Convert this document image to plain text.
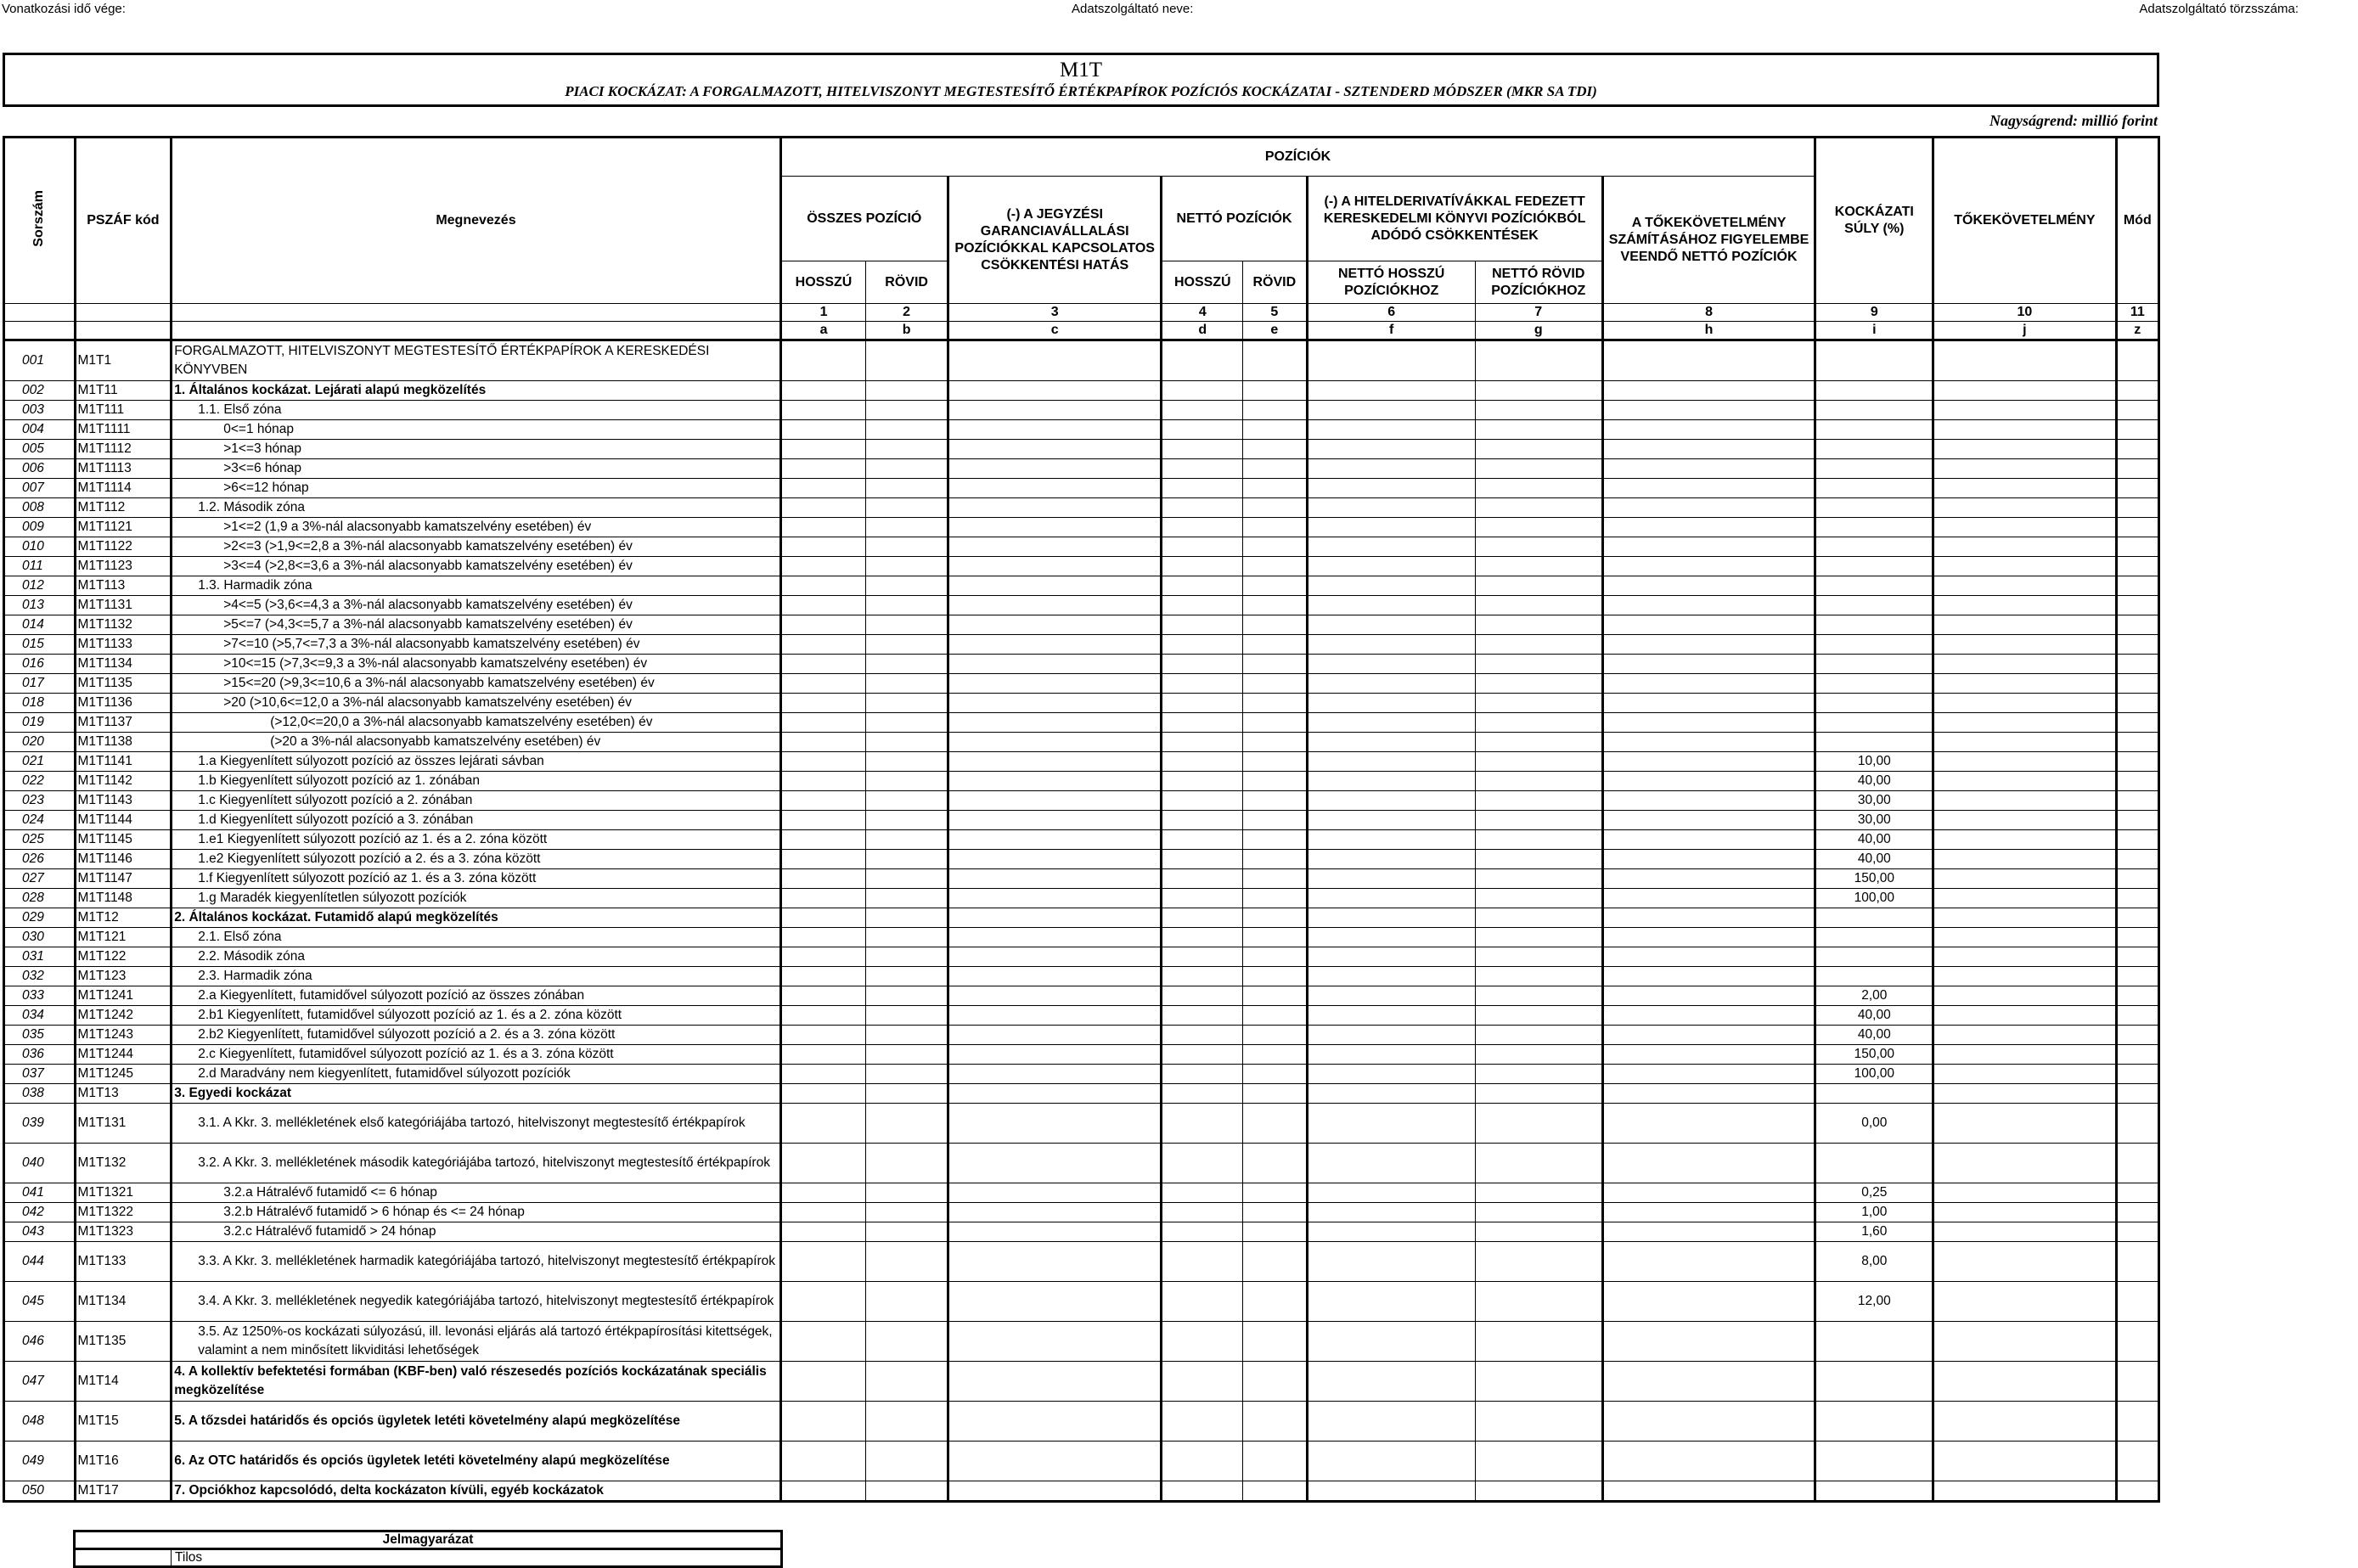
Vonatkozási idő vége:	Adatszolgáltató neve:	Adatszolgáltató törzsszáma:
M1T
PIACI KOCKÁZAT: A FORGALMAZOTT, HITELVISZONYT MEGTESTESÍTŐ ÉRTÉKPAPÍROK POZÍCIÓS KOCKÁZATAI - SZTENDERD MÓDSZER (MKR SA TDI)
Nagyságrend: millió forint
Sorszám	PSZÁF kód	Megnevezés	POZÍCIÓK								KOCKÁZATI SÚLY (%)	TŐKEKÖVETELMÉNY	Mód
			ÖSSZES POZÍCIÓ		(-) A JEGYZÉSI GARANCIAVÁLLALÁSI POZÍCIÓKKAL KAPCSOLATOS CSÖKKENTÉSI HATÁS	NETTÓ POZÍCIÓK		(-) A HITELDERIVATÍVÁKKAL FEDEZETT KERESKEDELMI KÖNYVI POZÍCIÓKBÓL ADÓDÓ CSÖKKENTÉSEK		A TŐKEKÖVETELMÉNY SZÁMÍTÁSÁHOZ FIGYELEMBE VEENDŐ NETTÓ POZÍCIÓK			
			HOSSZÚ	RÖVID		HOSSZÚ	RÖVID	NETTÓ HOSSZÚ POZÍCIÓKHOZ	NETTÓ RÖVID POZÍCIÓKHOZ				
			1	2	3	4	5	6	7	8	9	10	11
			a	b	c	d	e	f	g	h	i	j	z
001	M1T1	FORGALMAZOTT, HITELVISZONYT MEGTESTESÍTŐ ÉRTÉKPAPÍROK A KERESKEDÉSI KÖNYVBEN											
002	M1T11	1. Általános kockázat. Lejárati alapú megközelítés											
003	M1T111	1.1. Első zóna											
004	M1T1111	0<=1 hónap											
005	M1T1112	>1<=3 hónap											
006	M1T1113	>3<=6 hónap											
007	M1T1114	>6<=12 hónap											
008	M1T112	1.2. Második zóna											
009	M1T1121	>1<=2 (1,9 a 3%-nál alacsonyabb kamatszelvény esetében) év											
010	M1T1122	>2<=3 (>1,9<=2,8 a 3%-nál alacsonyabb kamatszelvény esetében) év											
011	M1T1123	>3<=4 (>2,8<=3,6 a 3%-nál alacsonyabb kamatszelvény esetében) év											
012	M1T113	1.3. Harmadik zóna											
013	M1T1131	>4<=5 (>3,6<=4,3 a 3%-nál alacsonyabb kamatszelvény esetében) év											
014	M1T1132	>5<=7 (>4,3<=5,7 a 3%-nál alacsonyabb kamatszelvény esetében) év											
015	M1T1133	>7<=10 (>5,7<=7,3 a 3%-nál alacsonyabb kamatszelvény esetében) év											
016	M1T1134	>10<=15 (>7,3<=9,3 a 3%-nál alacsonyabb kamatszelvény esetében) év											
017	M1T1135	>15<=20 (>9,3<=10,6 a 3%-nál alacsonyabb kamatszelvény esetében) év											
018	M1T1136	>20 (>10,6<=12,0 a 3%-nál alacsonyabb kamatszelvény esetében) év											
019	M1T1137	(>12,0<=20,0 a 3%-nál alacsonyabb kamatszelvény esetében) év											
020	M1T1138	(>20 a 3%-nál alacsonyabb kamatszelvény esetében) év											
021	M1T1141	1.a Kiegyenlített súlyozott pozíció az összes lejárati sávban									10,00		
022	M1T1142	1.b Kiegyenlített súlyozott pozíció az 1. zónában									40,00		
023	M1T1143	1.c Kiegyenlített súlyozott pozíció a 2. zónában									30,00		
024	M1T1144	1.d Kiegyenlített súlyozott pozíció a 3. zónában									30,00		
025	M1T1145	1.e1 Kiegyenlített súlyozott pozíció az 1. és a 2. zóna között									40,00		
026	M1T1146	1.e2 Kiegyenlített súlyozott pozíció a 2. és a 3. zóna között									40,00		
027	M1T1147	1.f Kiegyenlített súlyozott pozíció az 1. és a 3. zóna között									150,00		
028	M1T1148	1.g Maradék kiegyenlítetlen súlyozott pozíciók									100,00		
029	M1T12	2. Általános kockázat. Futamidő alapú megközelítés											
030	M1T121	2.1. Első zóna											
031	M1T122	2.2. Második zóna											
032	M1T123	2.3. Harmadik zóna											
033	M1T1241	2.a Kiegyenlített, futamidővel súlyozott pozíció az összes zónában									2,00		
034	M1T1242	2.b1 Kiegyenlített, futamidővel súlyozott pozíció az 1. és a 2. zóna között									40,00		
035	M1T1243	2.b2 Kiegyenlített, futamidővel súlyozott pozíció a 2. és a 3. zóna között									40,00		
036	M1T1244	2.c Kiegyenlített, futamidővel súlyozott pozíció az 1. és a 3. zóna között									150,00		
037	M1T1245	2.d Maradvány nem kiegyenlített, futamidővel súlyozott pozíciók									100,00		
038	M1T13	3. Egyedi kockázat											
039	M1T131	3.1. A Kkr. 3. mellékletének első kategóriájába tartozó, hitelviszonyt megtestesítő értékpapírok									0,00		
040	M1T132	3.2. A Kkr. 3. mellékletének második kategóriájába tartozó, hitelviszonyt megtestesítő értékpapírok											
041	M1T1321	3.2.a Hátralévő futamidő <= 6 hónap									0,25		
042	M1T1322	3.2.b Hátralévő futamidő > 6 hónap és <= 24 hónap									1,00		
043	M1T1323	3.2.c Hátralévő futamidő > 24 hónap									1,60		
044	M1T133	3.3. A Kkr. 3. mellékletének harmadik kategóriájába tartozó, hitelviszonyt megtestesítő értékpapírok									8,00		
045	M1T134	3.4. A Kkr. 3. mellékletének negyedik kategóriájába tartozó, hitelviszonyt megtestesítő értékpapírok									12,00		
046	M1T135	3.5. Az 1250%-os kockázati súlyozású, ill. levonási eljárás alá tartozó értékpapírosítási kitettségek, valamint a nem minősített likviditási lehetőségek											
047	M1T14	4. A kollektív befektetési formában (KBF-ben) való részesedés pozíciós kockázatának speciális megközelítése											
048	M1T15	5. A tőzsdei határidős és opciós ügyletek letéti követelmény alapú megközelítése											
049	M1T16	6. Az OTC határidős és opciós ügyletek letéti követelmény alapú megközelítése											
050	M1T17	7. Opciókhoz kapcsolódó, delta kockázaton kívüli, egyéb kockázatok											
Jelmagyarázat
	Tilos
